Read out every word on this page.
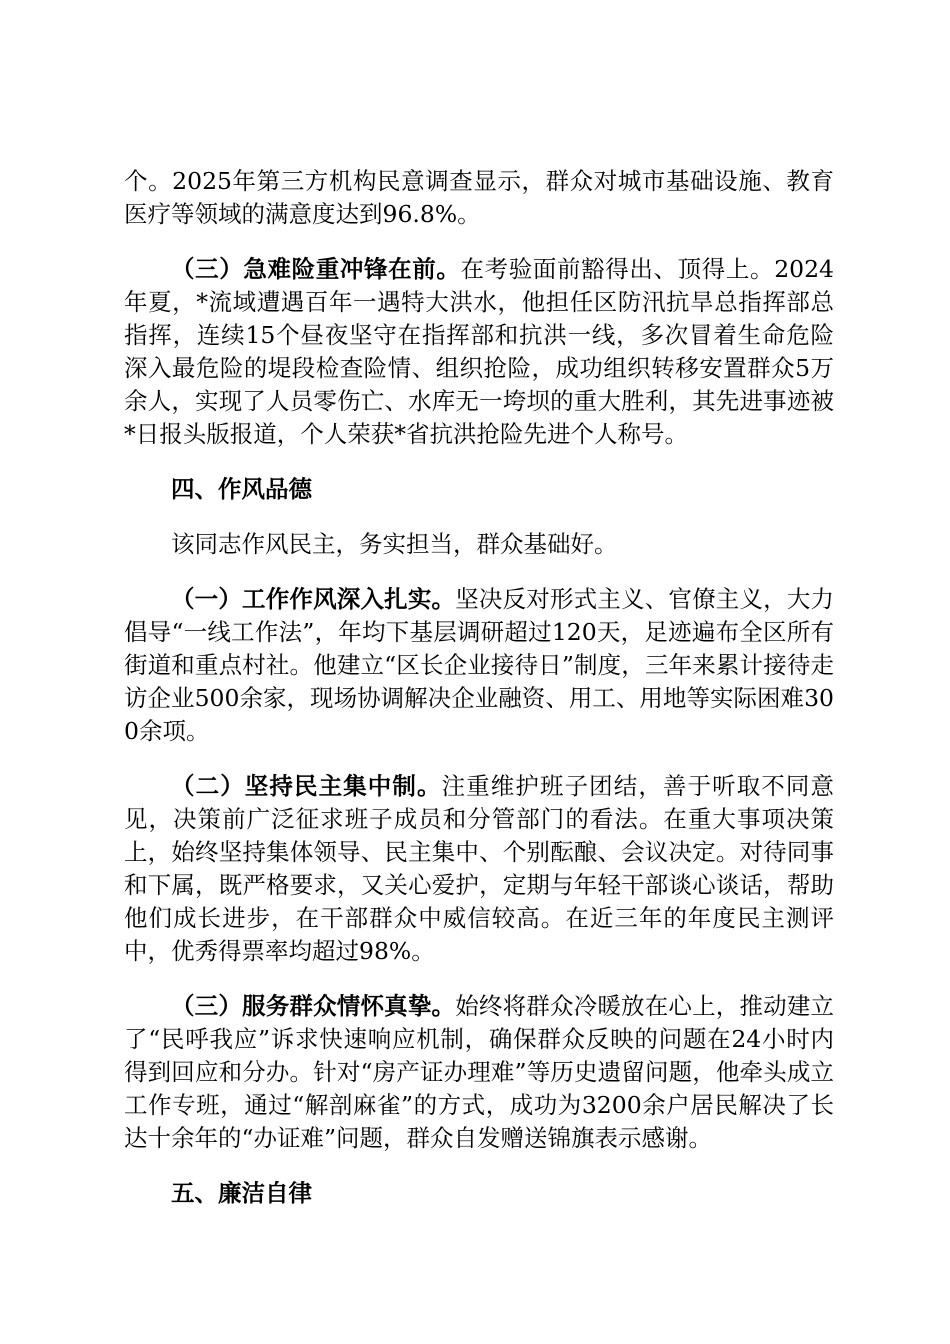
个。2025年第三方机构民意调查显示，群众对城市基础设施、教育医疗等领域的满意度达到96.8%。

（三）急难险重冲锋在前。在考验面前豁得出、顶得上。2024年夏，*流域遭遇百年一遇特大洪水，他担任区防汛抗旱总指挥部总指挥，连续15个昼夜坚守在指挥部和抗洪一线，多次冒着生命危险深入最危险的堤段检查险情、组织抢险，成功组织转移安置群众5万余人，实现了人员零伤亡、水库无一垮坝的重大胜利，其先进事迹被*日报头版报道，个人荣获*省抗洪抢险先进个人称号。

四、作风品德

该同志作风民主，务实担当，群众基础好。

（一）工作作风深入扎实。坚决反对形式主义、官僚主义，大力倡导“一线工作法”，年均下基层调研超过120天，足迹遍布全区所有街道和重点村社。他建立“区长企业接待日”制度，三年来累计接待走访企业500余家，现场协调解决企业融资、用工、用地等实际困难300余项。

（二）坚持民主集中制。注重维护班子团结，善于听取不同意见，决策前广泛征求班子成员和分管部门的看法。在重大事项决策上，始终坚持集体领导、民主集中、个别酝酿、会议决定。对待同事和下属，既严格要求，又关心爱护，定期与年轻干部谈心谈话，帮助他们成长进步，在干部群众中威信较高。在近三年的年度民主测评中，优秀得票率均超过98%。

（三）服务群众情怀真挚。始终将群众冷暖放在心上，推动建立了“民呼我应”诉求快速响应机制，确保群众反映的问题在24小时内得到回应和分办。针对“房产证办理难”等历史遗留问题，他牵头成立工作专班，通过“解剖麻雀”的方式，成功为3200余户居民解决了长达十余年的“办证难”问题，群众自发赠送锦旗表示感谢。

五、廉洁自律
